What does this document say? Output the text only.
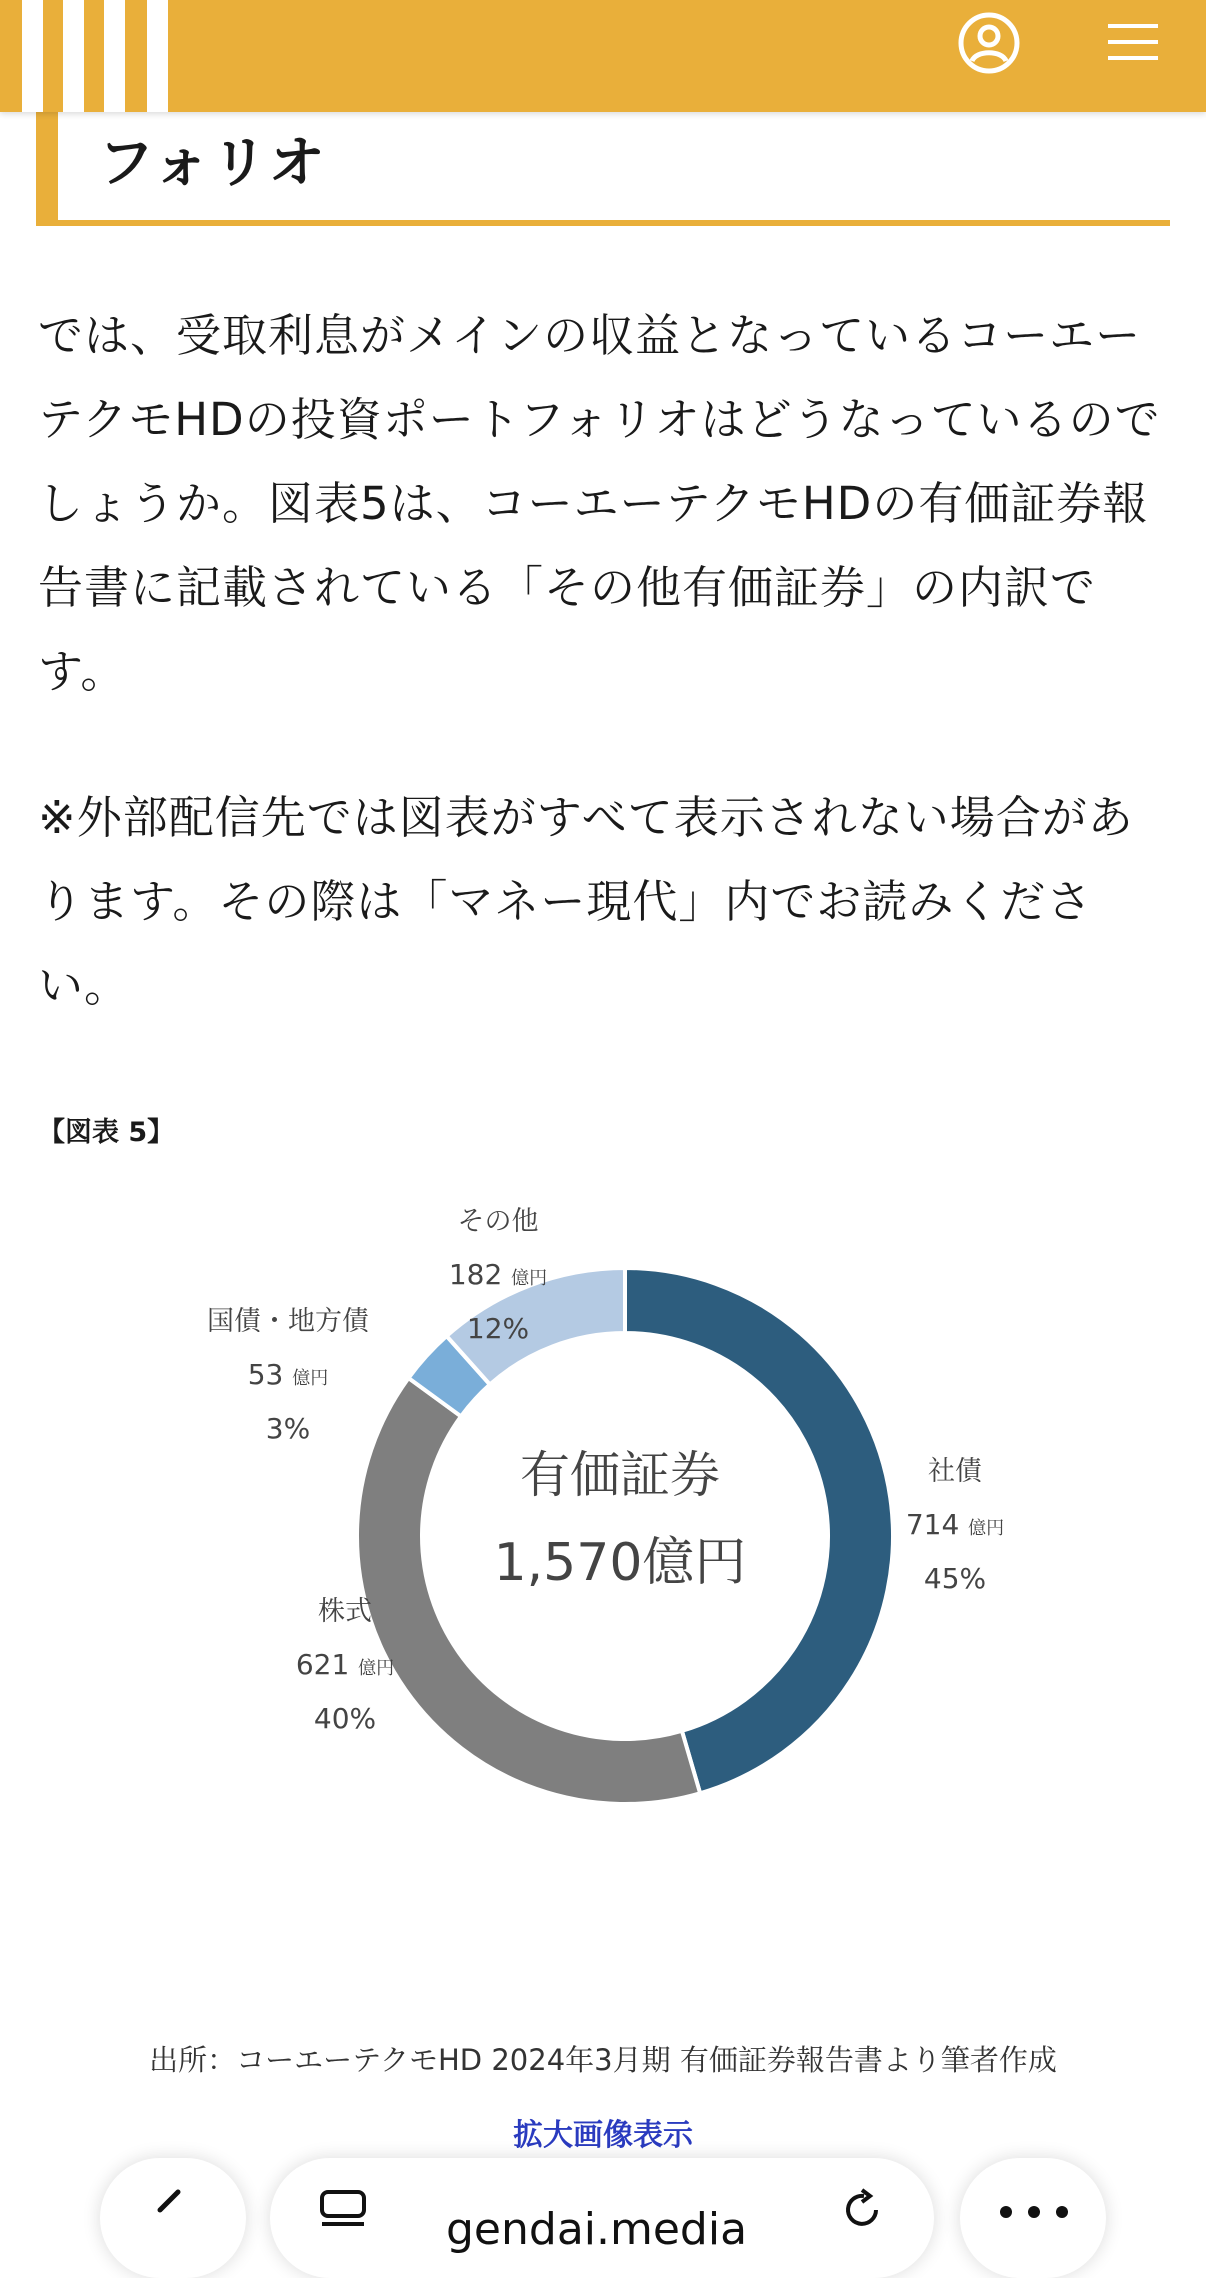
フォリオ

では、受取利息がメインの収益となっているコーエーテクモHDの投資ポートフォリオはどうなっているのでしょうか。図表5は、コーエーテクモHDの有価証券報告書に記載されている「その他有価証券」の内訳です。

※外部配信先では図表がすべて表示されない場合があります。その際は「マネー現代」内でお読みください。

【図表 5】

有価証券
1,570億円
社債
714 億円
45%
株式
621 億円
40%
国債・地方債
53 億円
3%
その他
182 億円
12%

出所：コーエーテクモHD 2024年3月期 有価証券報告書より筆者作成

拡大画像表示
gendai.media
